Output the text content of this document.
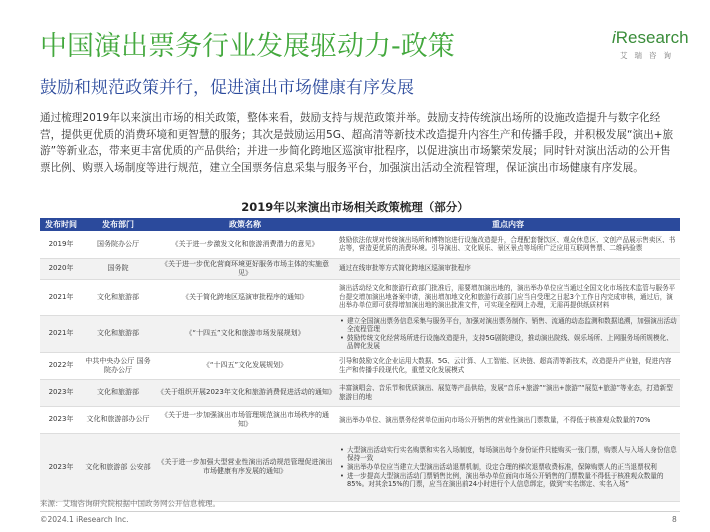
中国演出票务行业发展驱动力-政策
鼓励和规范政策并行，促进演出市场健康有序发展
iResearch
艾瑞咨询
通过梳理2019年以来演出市场的相关政策，整体来看，鼓励支持与规范政策并举。鼓励支持传统演出场所的设施改造提升与数字化经营，提供更优质的消费环境和更智慧的服务；其次是鼓励运用5G、超高清等新技术改造提升内容生产和传播手段，并积极发展“演出+旅游”等新业态，带来更丰富优质的产品供给；并进一步简化跨地区巡演审批程序，以促进演出市场繁荣发展；同时针对演出活动的公开售票比例、购票入场制度等进行规范，建立全国票务信息采集与服务平台，加强演出活动全流程管理，保证演出市场健康有序发展。
2019年以来演出市场相关政策梳理（部分）
发布时间	发布部门	政策名称	重点内容
2019年	国务院办公厅	《关于进一步激发文化和旅游消费潜力的意见》	鼓励依法依规对传统演出场所和博物馆进行设施改造提升，合理配套餐饮区、观众休息区、文创产品展示售卖区、书店等，营造更优质的消费环境。引导演出、文化娱乐、景区景点等场所广泛应用互联网售票、二维码验票
2020年	国务院	《关于进一步优化营商环境更好服务市场主体的实施意见》	通过在线审批等方式简化跨地区巡演审批程序
2021年	文化和旅游部	《关于简化跨地区巡演审批程序的通知》	演出活动经文化和旅游行政部门批准后，需要增加演出地的，演出举办单位应当通过全国文化市场技术监管与服务平台提交增加演出地备案申请，演出增加地文化和旅游行政部门应当自受理之日起3个工作日内完成审核，通过后，演出举办单位即可获得增加演出地的演出批准文件，可实现全程网上办理，无需再提供纸质材料
2021年	文化和旅游部	《“十四五”文化和旅游市场发展规划》	• 建立全国演出票务信息采集与服务平台，加强对演出票务制作、销售、流通的动态监测和数据追溯，加强演出活动全流程管理
• 鼓励传统文化经营场所进行设施改造提升，支持5G剧院建设，推动演出院线、娱乐场所、上网服务场所规模化、品牌化发展

2022年	中共中央办公厅 国务院办公厅	《“十四五”文化发展规划》	引导和鼓励文化企业运用大数据、5G、云计算、人工智能、区块链、超高清等新技术，改造提升产业链，促进内容生产和传播手段现代化，重塑文化发展模式
2023年	文化和旅游部	《关于组织开展2023年文化和旅游消费促进活动的通知》	丰富演唱会、音乐节和优质演出、展览等产品供给，发展“音乐+旅游”“演出+旅游”“展览+旅游”等业态，打造新型旅游目的地
2023年	文化和旅游部办公厅	《关于进一步加强演出市场管理规范演出市场秩序的通知》	演出举办单位、演出票务经营单位面向市场公开销售的营业性演出门票数量，不得低于核准观众数量的70%
2023年	文化和旅游部 公安部	《关于进一步加强大型营业性演出活动规范管理促进演出市场健康有序发展的通知》	• 大型演出活动实行实名购票和实名入场制度，每场演出每个身份证件只能购买一张门票，购票人与入场人身份信息保持一致
• 演出举办单位应当建立大型演出活动退票机制，设定合理的梯次退票收费标准，保障购票人的正当退票权利
• 进一步提高大型演出活动门票销售比例，演出举办单位面向市场公开销售的门票数量不得低于核准观众数量的85%。对其余15%的门票，应当在演出前24小时进行个人信息绑定，做到“实名绑定、实名入场”
来源：艾瑞咨询研究院根据中国政务网公开信息梳理。
©2024.1 iResearch Inc.	8
